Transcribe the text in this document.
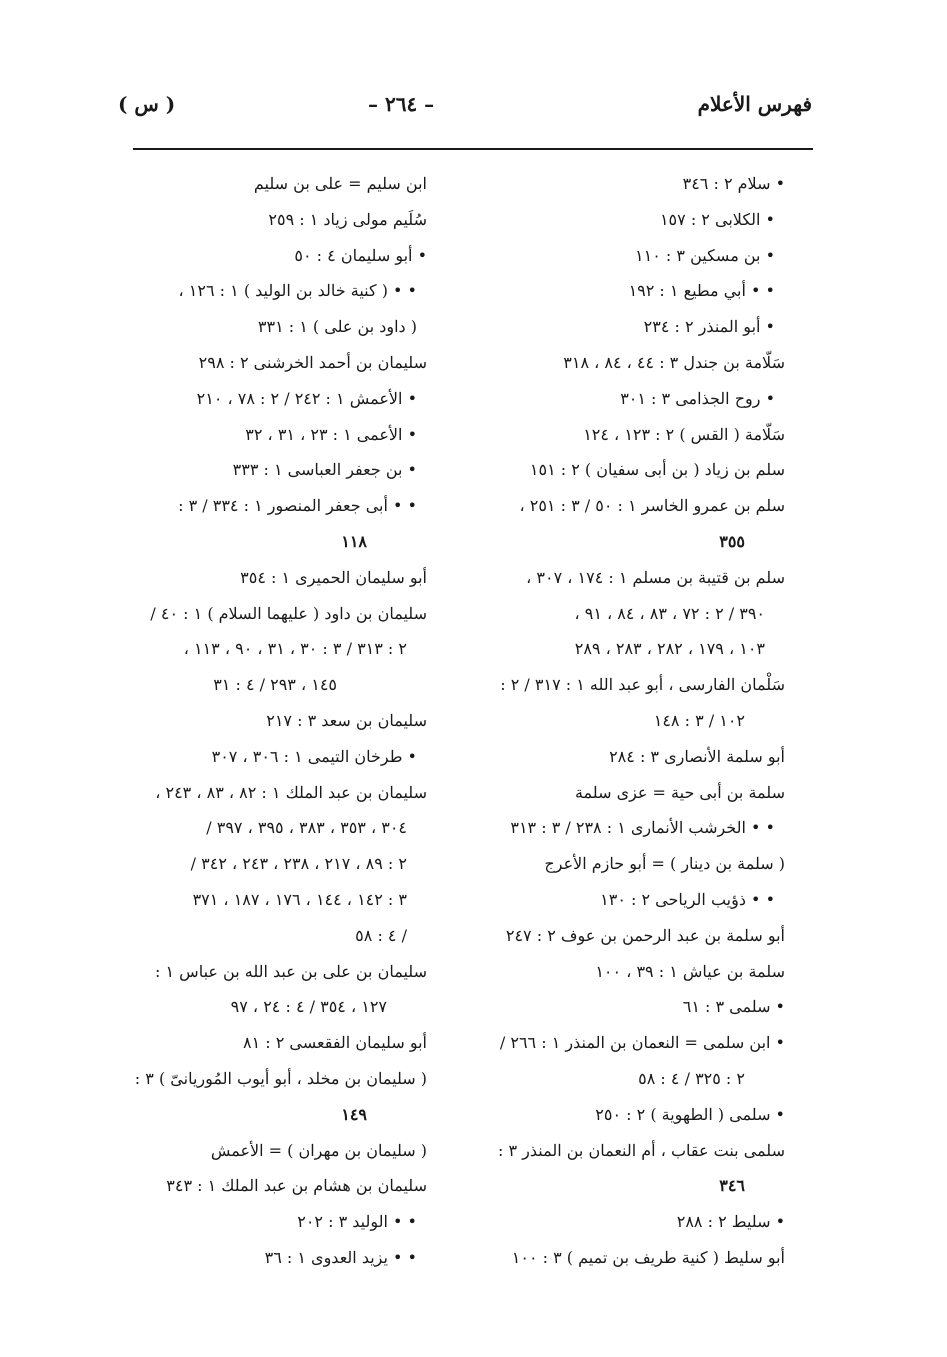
فهرس الأعلام
– ٢٦٤ –
( س )
• سلام ٢ : ٣٤٦
• الكلابى ٢ : ١٥٧
• بن مسكين ٣ : ١١٠
• • أبي مطيع ١ : ١٩٢
• أبو المنذر ٢ : ٢٣٤
سَلّامة بن جندل ٣ : ٤٤ ، ٨٤ ، ٣١٨
• روح الجذامى ٣ : ٣٠١
سَلّامة ( القس ) ٢ : ١٢٣ ، ١٢٤
سلم بن زياد ( بن أبى سفيان ) ٢ : ١٥١
سلم بن عمرو الخاسر ١ : ٥٠ / ٣ : ٢٥١ ،
٣٥٥
سلم بن قتيبة بن مسلم ١ : ١٧٤ ، ٣٠٧ ،
٣٩٠ / ٢ : ٧٢ ، ٨٣ ، ٨٤ ، ٩١ ،
١٠٣ ، ١٧٩ ، ٢٨٢ ، ٢٨٣ ، ٢٨٩
سَلْمان الفارسى ، أبو عبد الله ١ : ٣١٧ / ٢ :
١٠٢ / ٣ : ١٤٨
أبو سلمة الأنصارى ٣ : ٢٨٤
سلمة بن أبى حية = عزى سلمة
• • الخرشب الأنمارى ١ : ٢٣٨ / ٣ : ٣١٣
( سلمة بن دينار ) = أبو حازم الأعرج
• • ذؤيب الرياحى ٢ : ١٣٠
أبو سلمة بن عبد الرحمن بن عوف ٢ : ٢٤٧
سلمة بن عياش ١ : ٣٩ ، ١٠٠
• سلمى ٣ : ٦١
• ابن سلمى = النعمان بن المنذر ١ : ٢٦٦ /
٢ : ٣٢٥ / ٤ : ٥٨
• سلمى ( الطهوية ) ٢ : ٢٥٠
سلمى بنت عقاب ، أم النعمان بن المنذر ٣ :
٣٤٦
• سليط ٢ : ٢٨٨
أبو سليط ( كنية طريف بن تميم ) ٣ : ١٠٠
ابن سليم = على بن سليم
سُلَيم مولى زياد ١ : ٢٥٩
• أبو سليمان ٤ : ٥٠
• • ( كنية خالد بن الوليد ) ١ : ١٢٦ ،
( داود بن على ) ١ : ٣٣١
سليمان بن أحمد الخرشنى ٢ : ٢٩٨
• الأعمش ١ : ٢٤٢ / ٢ : ٧٨ ، ٢١٠
• الأعمى ١ : ٢٣ ، ٣١ ، ٣٢
• بن جعفر العباسى ١ : ٣٣٣
• • أبى جعفر المنصور ١ : ٣٣٤ / ٣ :
١١٨
أبو سليمان الحميرى ١ : ٣٥٤
سليمان بن داود ( عليهما السلام ) ١ : ٤٠ /
٢ : ٣١٣ / ٣ : ٣٠ ، ٣١ ، ٩٠ ، ١١٣ ،
١٤٥ ، ٢٩٣ / ٤ : ٣١
سليمان بن سعد ٣ : ٢١٧
• طرخان التيمى ١ : ٣٠٦ ، ٣٠٧
سليمان بن عبد الملك ١ : ٨٢ ، ٨٣ ، ٢٤٣ ،
٣٠٤ ، ٣٥٣ ، ٣٨٣ ، ٣٩٥ ، ٣٩٧ /
٢ : ٨٩ ، ٢١٧ ، ٢٣٨ ، ٢٤٣ ، ٣٤٢ /
٣ : ١٤٢ ، ١٤٤ ، ١٧٦ ، ١٨٧ ، ٣٧١
/ ٤ : ٥٨
سليمان بن على بن عبد الله بن عباس ١ :
١٢٧ ، ٣٥٤ / ٤ : ٢٤ ، ٩٧
أبو سليمان الفقعسى ٢ : ٨١
( سليمان بن مخلد ، أبو أيوب المُوريانىّ ) ٣ :
١٤٩
( سليمان بن مهران ) = الأعمش
سليمان بن هشام بن عبد الملك ١ : ٣٤٣
• • الوليد ٣ : ٢٠٢
• • يزيد العدوى ١ : ٣٦
